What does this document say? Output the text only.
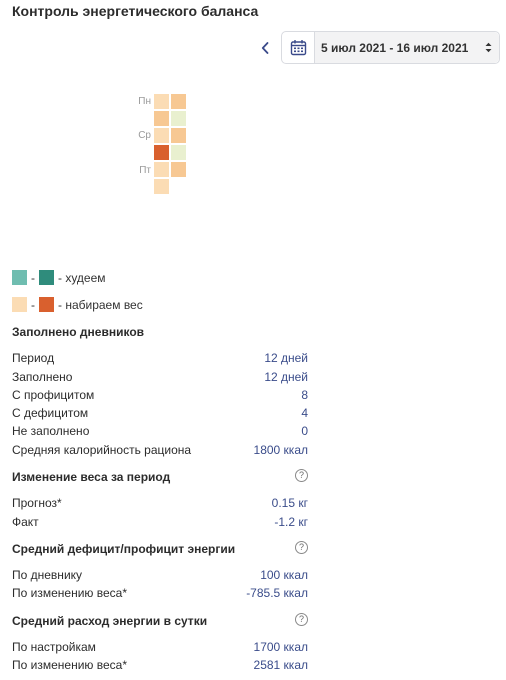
Контроль энергетического баланса
5 июл 2021 - 16 июл 2021
Пн
Ср
Пт
- - худеем
- - набираем вес
Заполнено дневников
Период	12 дней
Заполнено	12 дней
С профицитом	8
С дефицитом	4
Не заполнено	0
Средняя калорийность рациона	1800 ккал
Изменение веса за период	?
Прогноз*	0.15 кг
Факт	-1.2 кг
Средний дефицит/профицит энергии	?
По дневнику	100 ккал
По изменению веса*	-785.5 ккал
Средний расход энергии в сутки	?
По настройкам	1700 ккал
По изменению веса*	2581 ккал
